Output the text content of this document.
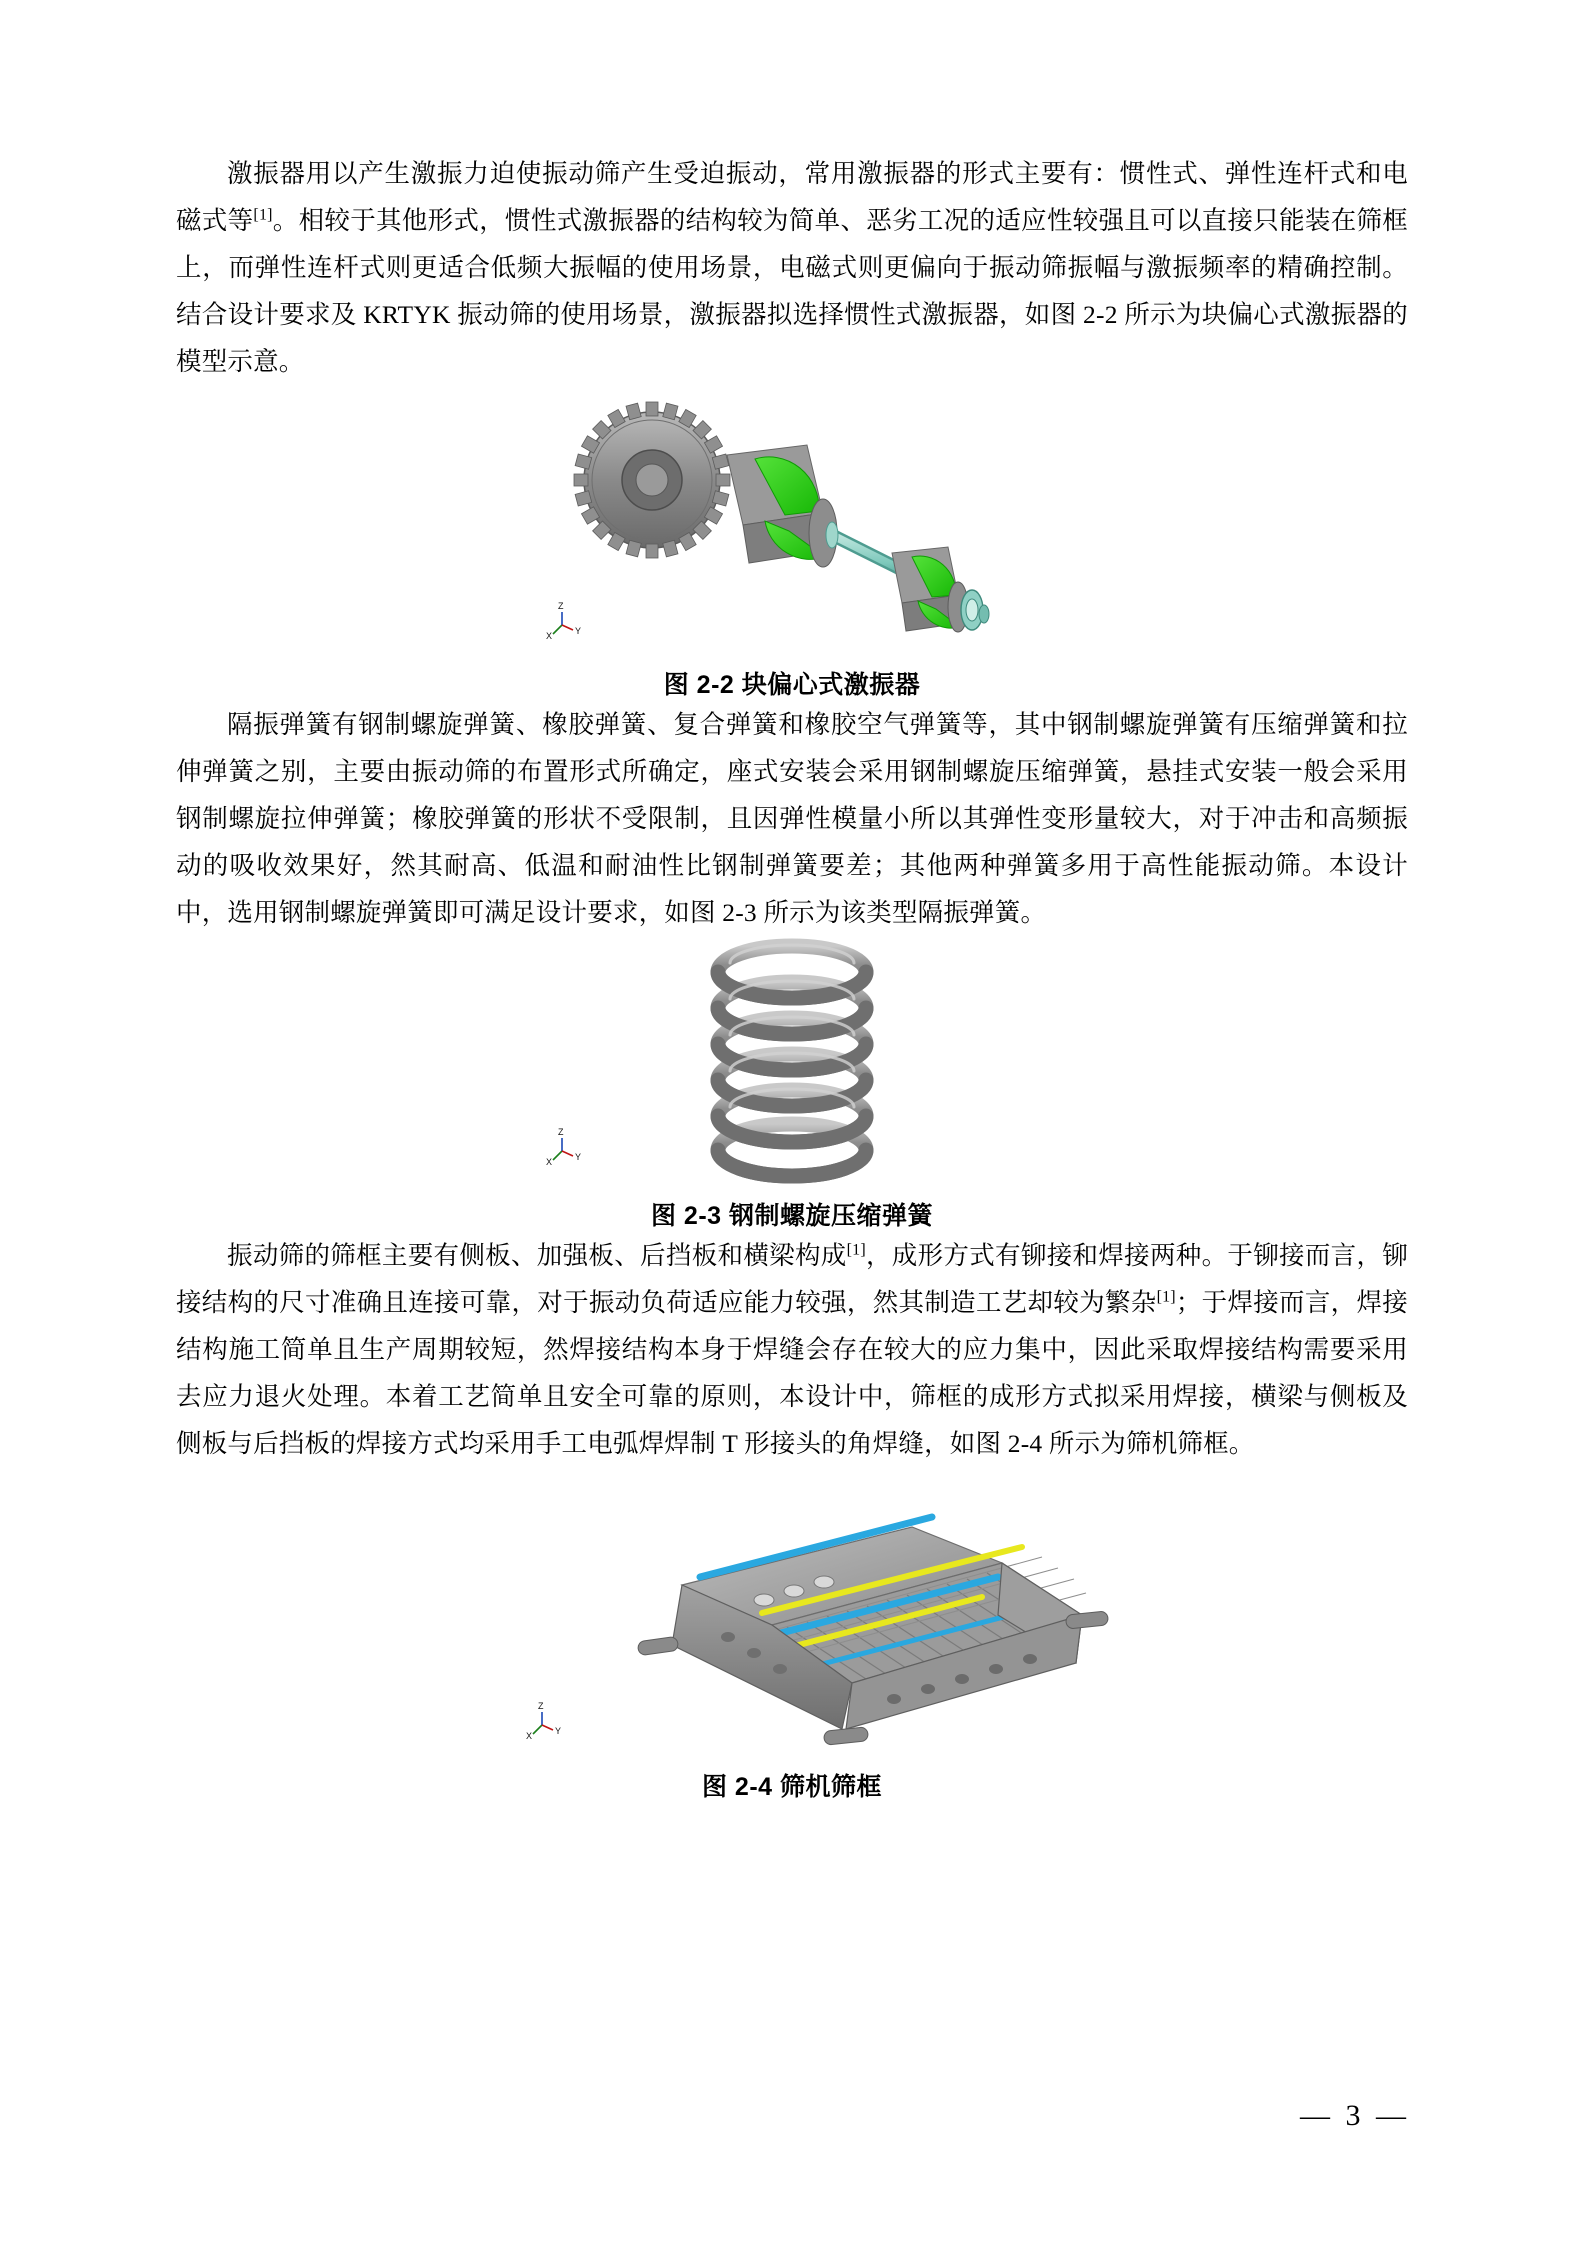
激振器用以产生激振力迫使振动筛产生受迫振动，常用激振器的形式主要有：惯性式、弹性连杆式和电磁式等[1]。相较于其他形式，惯性式激振器的结构较为简单、恶劣工况的适应性较强且可以直接只能装在筛框上，而弹性连杆式则更适合低频大振幅的使用场景，电磁式则更偏向于振动筛振幅与激振频率的精确控制。结合设计要求及 KRTYK 振动筛的使用场景，激振器拟选择惯性式激振器，如图 2-2 所示为块偏心式激振器的模型示意。

X
Z
Y
图 2-2 块偏心式激振器

隔振弹簧有钢制螺旋弹簧、橡胶弹簧、复合弹簧和橡胶空气弹簧等，其中钢制螺旋弹簧有压缩弹簧和拉伸弹簧之别，主要由振动筛的布置形式所确定，座式安装会采用钢制螺旋压缩弹簧，悬挂式安装一般会采用钢制螺旋拉伸弹簧；橡胶弹簧的形状不受限制，且因弹性模量小所以其弹性变形量较大，对于冲击和高频振动的吸收效果好，然其耐高、低温和耐油性比钢制弹簧要差；其他两种弹簧多用于高性能振动筛。本设计中，选用钢制螺旋弹簧即可满足设计要求，如图 2-3 所示为该类型隔振弹簧。

X
Z
Y
图 2-3 钢制螺旋压缩弹簧

振动筛的筛框主要有侧板、加强板、后挡板和横梁构成[1]，成形方式有铆接和焊接两种。于铆接而言，铆接结构的尺寸准确且连接可靠，对于振动负荷适应能力较强，然其制造工艺却较为繁杂[1]；于焊接而言，焊接结构施工简单且生产周期较短，然焊接结构本身于焊缝会存在较大的应力集中，因此采取焊接结构需要采用去应力退火处理。本着工艺简单且安全可靠的原则，本设计中，筛框的成形方式拟采用焊接，横梁与侧板及侧板与后挡板的焊接方式均采用手工电弧焊焊制 T 形接头的角焊缝，如图 2-4 所示为筛机筛框。

X
Z
Y
图 2-4 筛机筛框
— 3 —
